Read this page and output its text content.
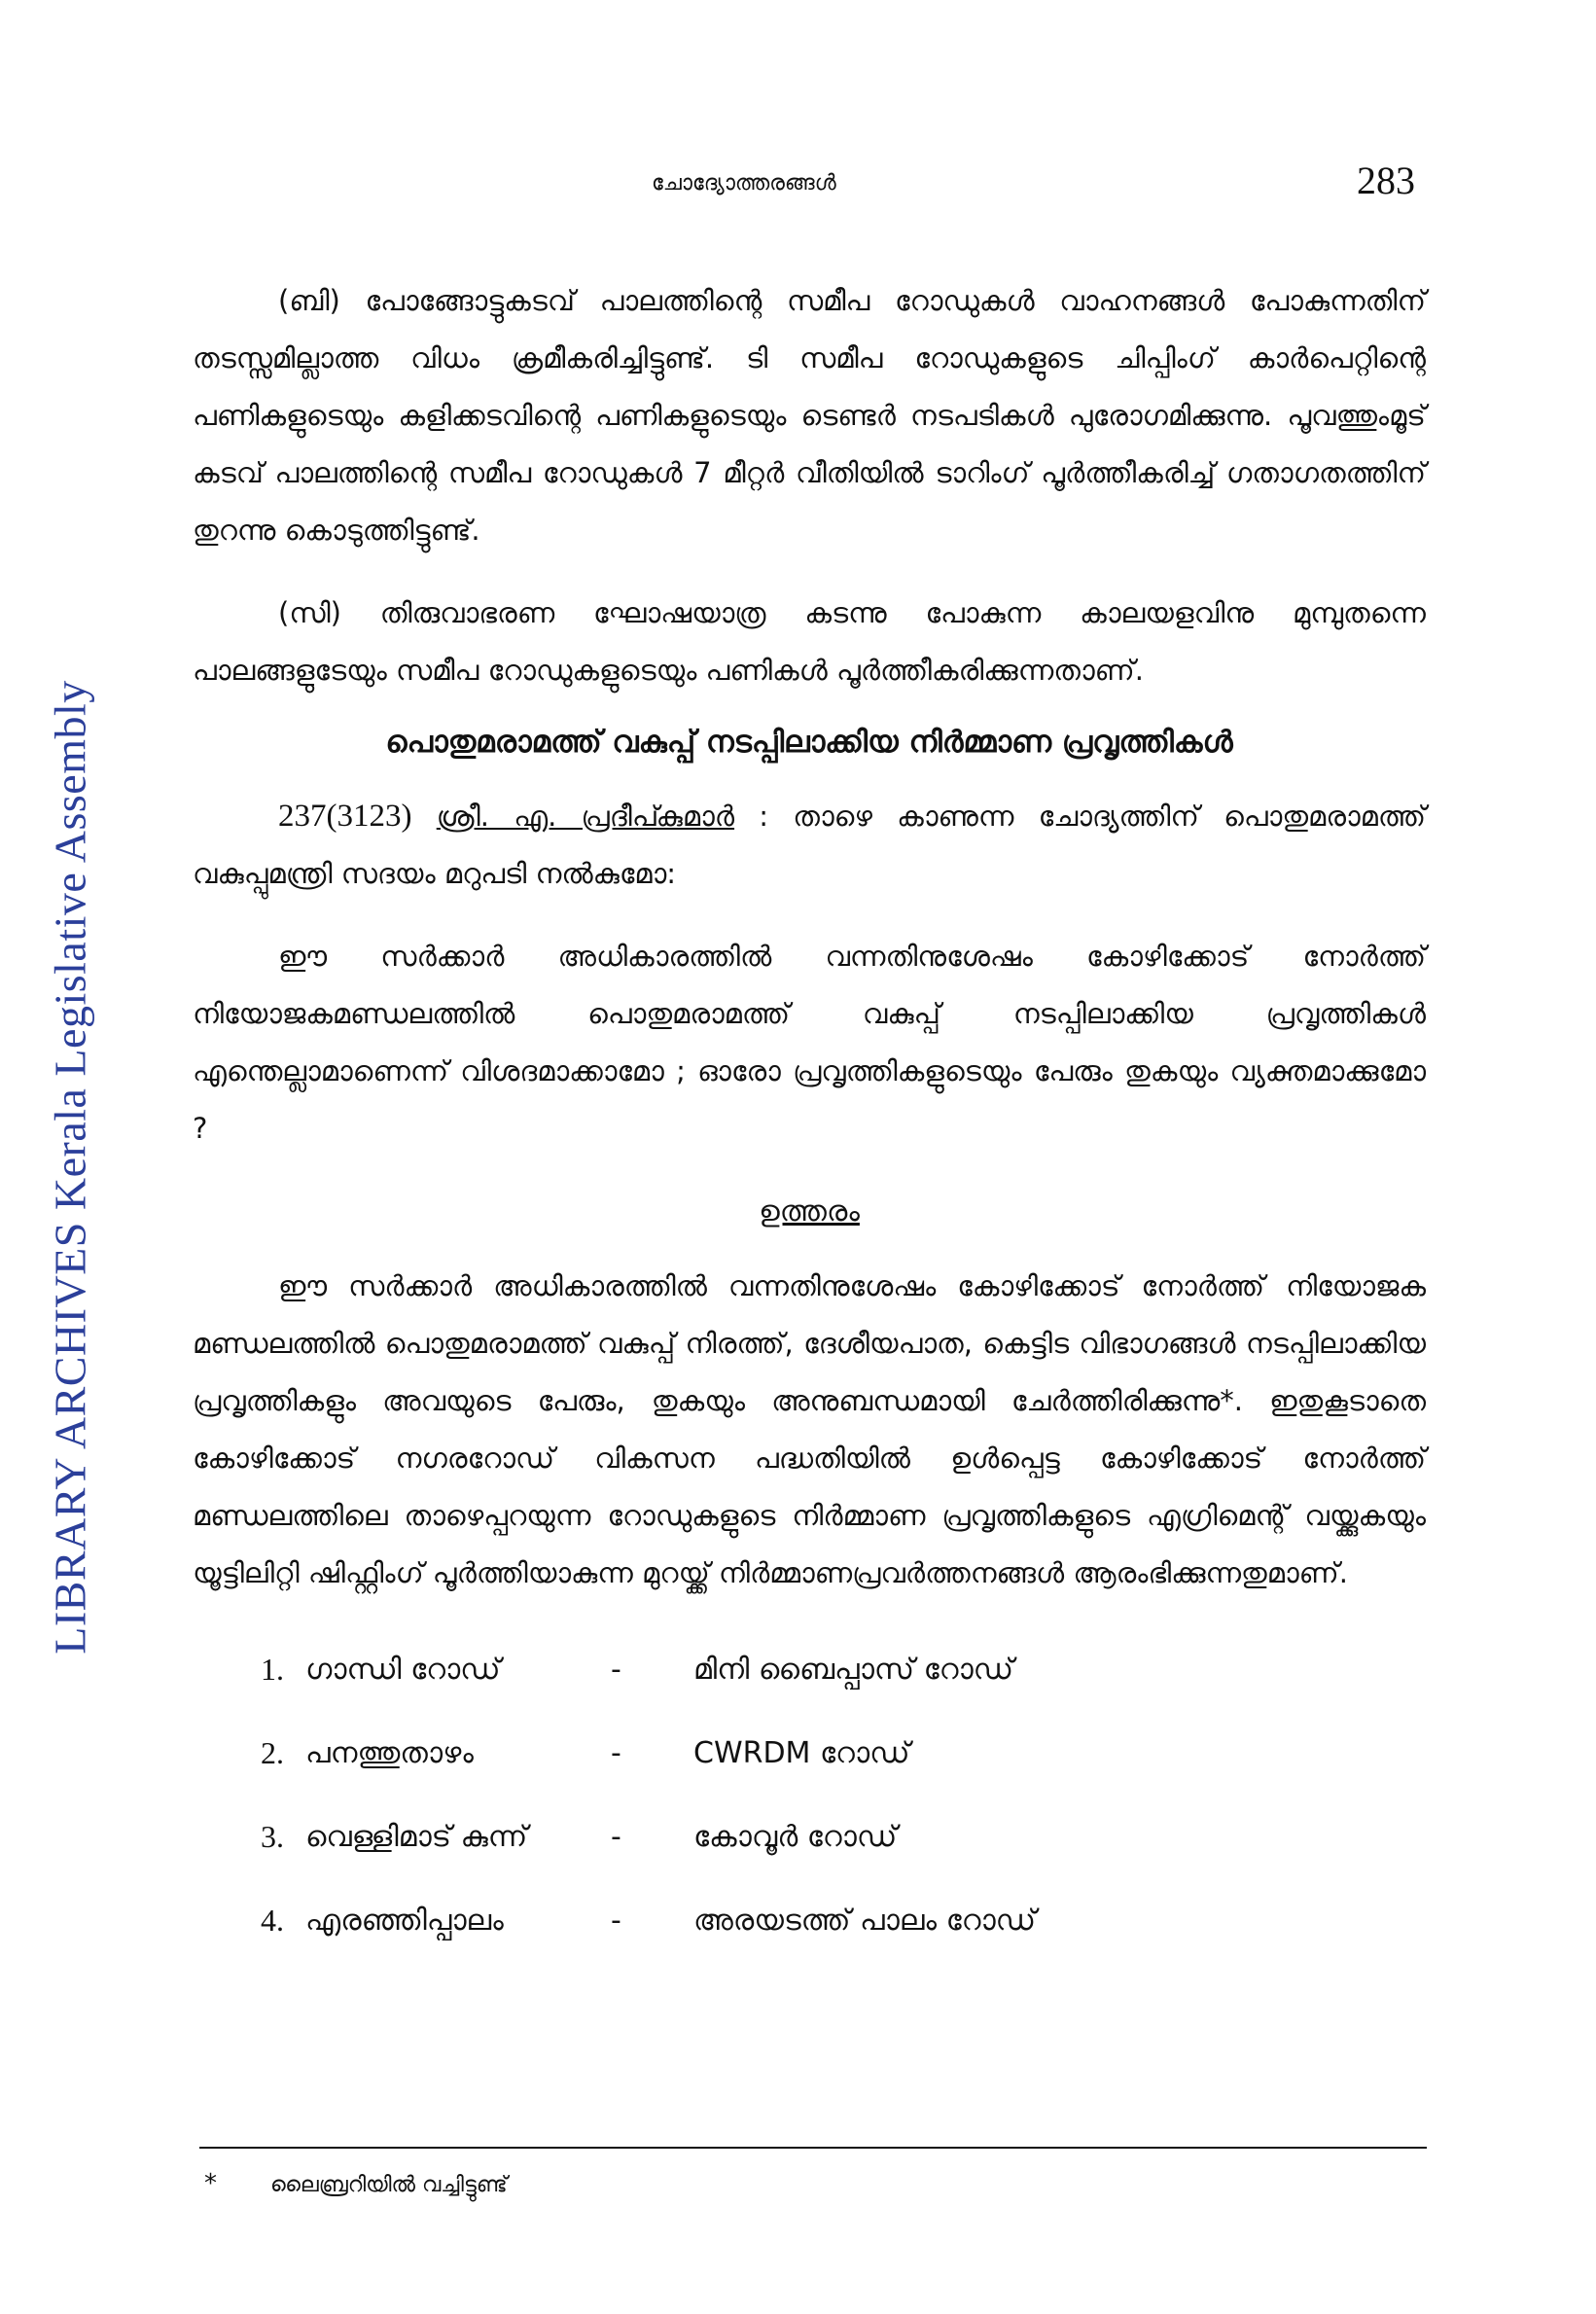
LIBRARY ARCHIVES Kerala Legislative Assembly
ചോദ്യോത്തരങ്ങൾ	283

(ബി) പോങ്ങോട്ടുകടവ് പാലത്തിന്റെ സമീപ റോഡുകൾ വാഹനങ്ങൾ പോകുന്നതിന് തടസ്സമില്ലാത്ത വിധം ക്രമീകരിച്ചിട്ടുണ്ട്. ടി സമീപ റോഡുകളുടെ ചിപ്പിംഗ് കാർപെറ്റിന്റെ പണികളുടെയും കളിക്കടവിന്റെ പണികളുടെയും ടെണ്ടർ നടപടികൾ പുരോഗമിക്കുന്നു. പൂവത്തുംമൂട് കടവ് പാലത്തിന്റെ സമീപ റോഡുകൾ 7 മീറ്റർ വീതിയിൽ ടാറിംഗ് പൂർത്തീകരിച്ച് ഗതാഗതത്തിന് തുറന്നു കൊടുത്തിട്ടുണ്ട്.

(സി) തിരുവാഭരണ ഘോഷയാത്ര കടന്നു പോകുന്ന കാലയളവിനു മുമ്പുതന്നെ പാലങ്ങളുടേയും സമീപ റോഡുകളുടെയും പണികൾ പൂർത്തീകരിക്കുന്നതാണ്.

പൊതുമരാമത്ത് വകുപ്പ് നടപ്പിലാക്കിയ നിർമ്മാണ പ്രവൃത്തികൾ

237(3123) ശ്രീ. എ. പ്രദീപ്കുമാർ : താഴെ കാണുന്ന ചോദ്യത്തിന് പൊതുമരാമത്ത് വകുപ്പുമന്ത്രി സദയം മറുപടി നൽകുമോ:

ഈ സർക്കാർ അധികാരത്തിൽ വന്നതിനുശേഷം കോഴിക്കോട് നോർത്ത് നിയോജകമണ്ഡലത്തിൽ പൊതുമരാമത്ത് വകുപ്പ് നടപ്പിലാക്കിയ പ്രവൃത്തികൾ എന്തെല്ലാമാണെന്ന് വിശദമാക്കാമോ ; ഓരോ പ്രവൃത്തികളുടെയും പേരും തുകയും വ്യക്തമാക്കുമോ ?

ഉത്തരം

ഈ സർക്കാർ അധികാരത്തിൽ വന്നതിനുശേഷം കോഴിക്കോട് നോർത്ത് നിയോജക മണ്ഡലത്തിൽ പൊതുമരാമത്ത് വകുപ്പ് നിരത്ത്, ദേശീയപാത, കെട്ടിട വിഭാഗങ്ങൾ നടപ്പിലാക്കിയ പ്രവൃത്തികളും അവയുടെ പേരും, തുകയും അനുബന്ധമായി ചേർത്തിരിക്കുന്നു*. ഇതുകൂടാതെ കോഴിക്കോട് നഗരറോഡ് വികസന പദ്ധതിയിൽ ഉൾപ്പെട്ട കോഴിക്കോട് നോർത്ത് മണ്ഡലത്തിലെ താഴെപ്പറയുന്ന റോഡുകളുടെ നിർമ്മാണ പ്രവൃത്തികളുടെ എഗ്രിമെന്റ് വയ്ക്കുകയും യൂട്ടിലിറ്റി ഷിഫ്റ്റിംഗ് പൂർത്തിയാകുന്ന മുറയ്ക്ക് നിർമ്മാണപ്രവർത്തനങ്ങൾ ആരംഭിക്കുന്നതുമാണ്.

1. ഗാന്ധി റോഡ്	-	മിനി ബൈപ്പാസ് റോഡ്
2. പനത്തുതാഴം	-	CWRDM റോഡ്
3. വെള്ളിമാട് കുന്ന്	-	കോവൂർ റോഡ്
4. എരഞ്ഞിപ്പാലം	-	അരയടത്ത് പാലം റോഡ്
*	ലൈബ്രറിയിൽ വച്ചിട്ടുണ്ട്
